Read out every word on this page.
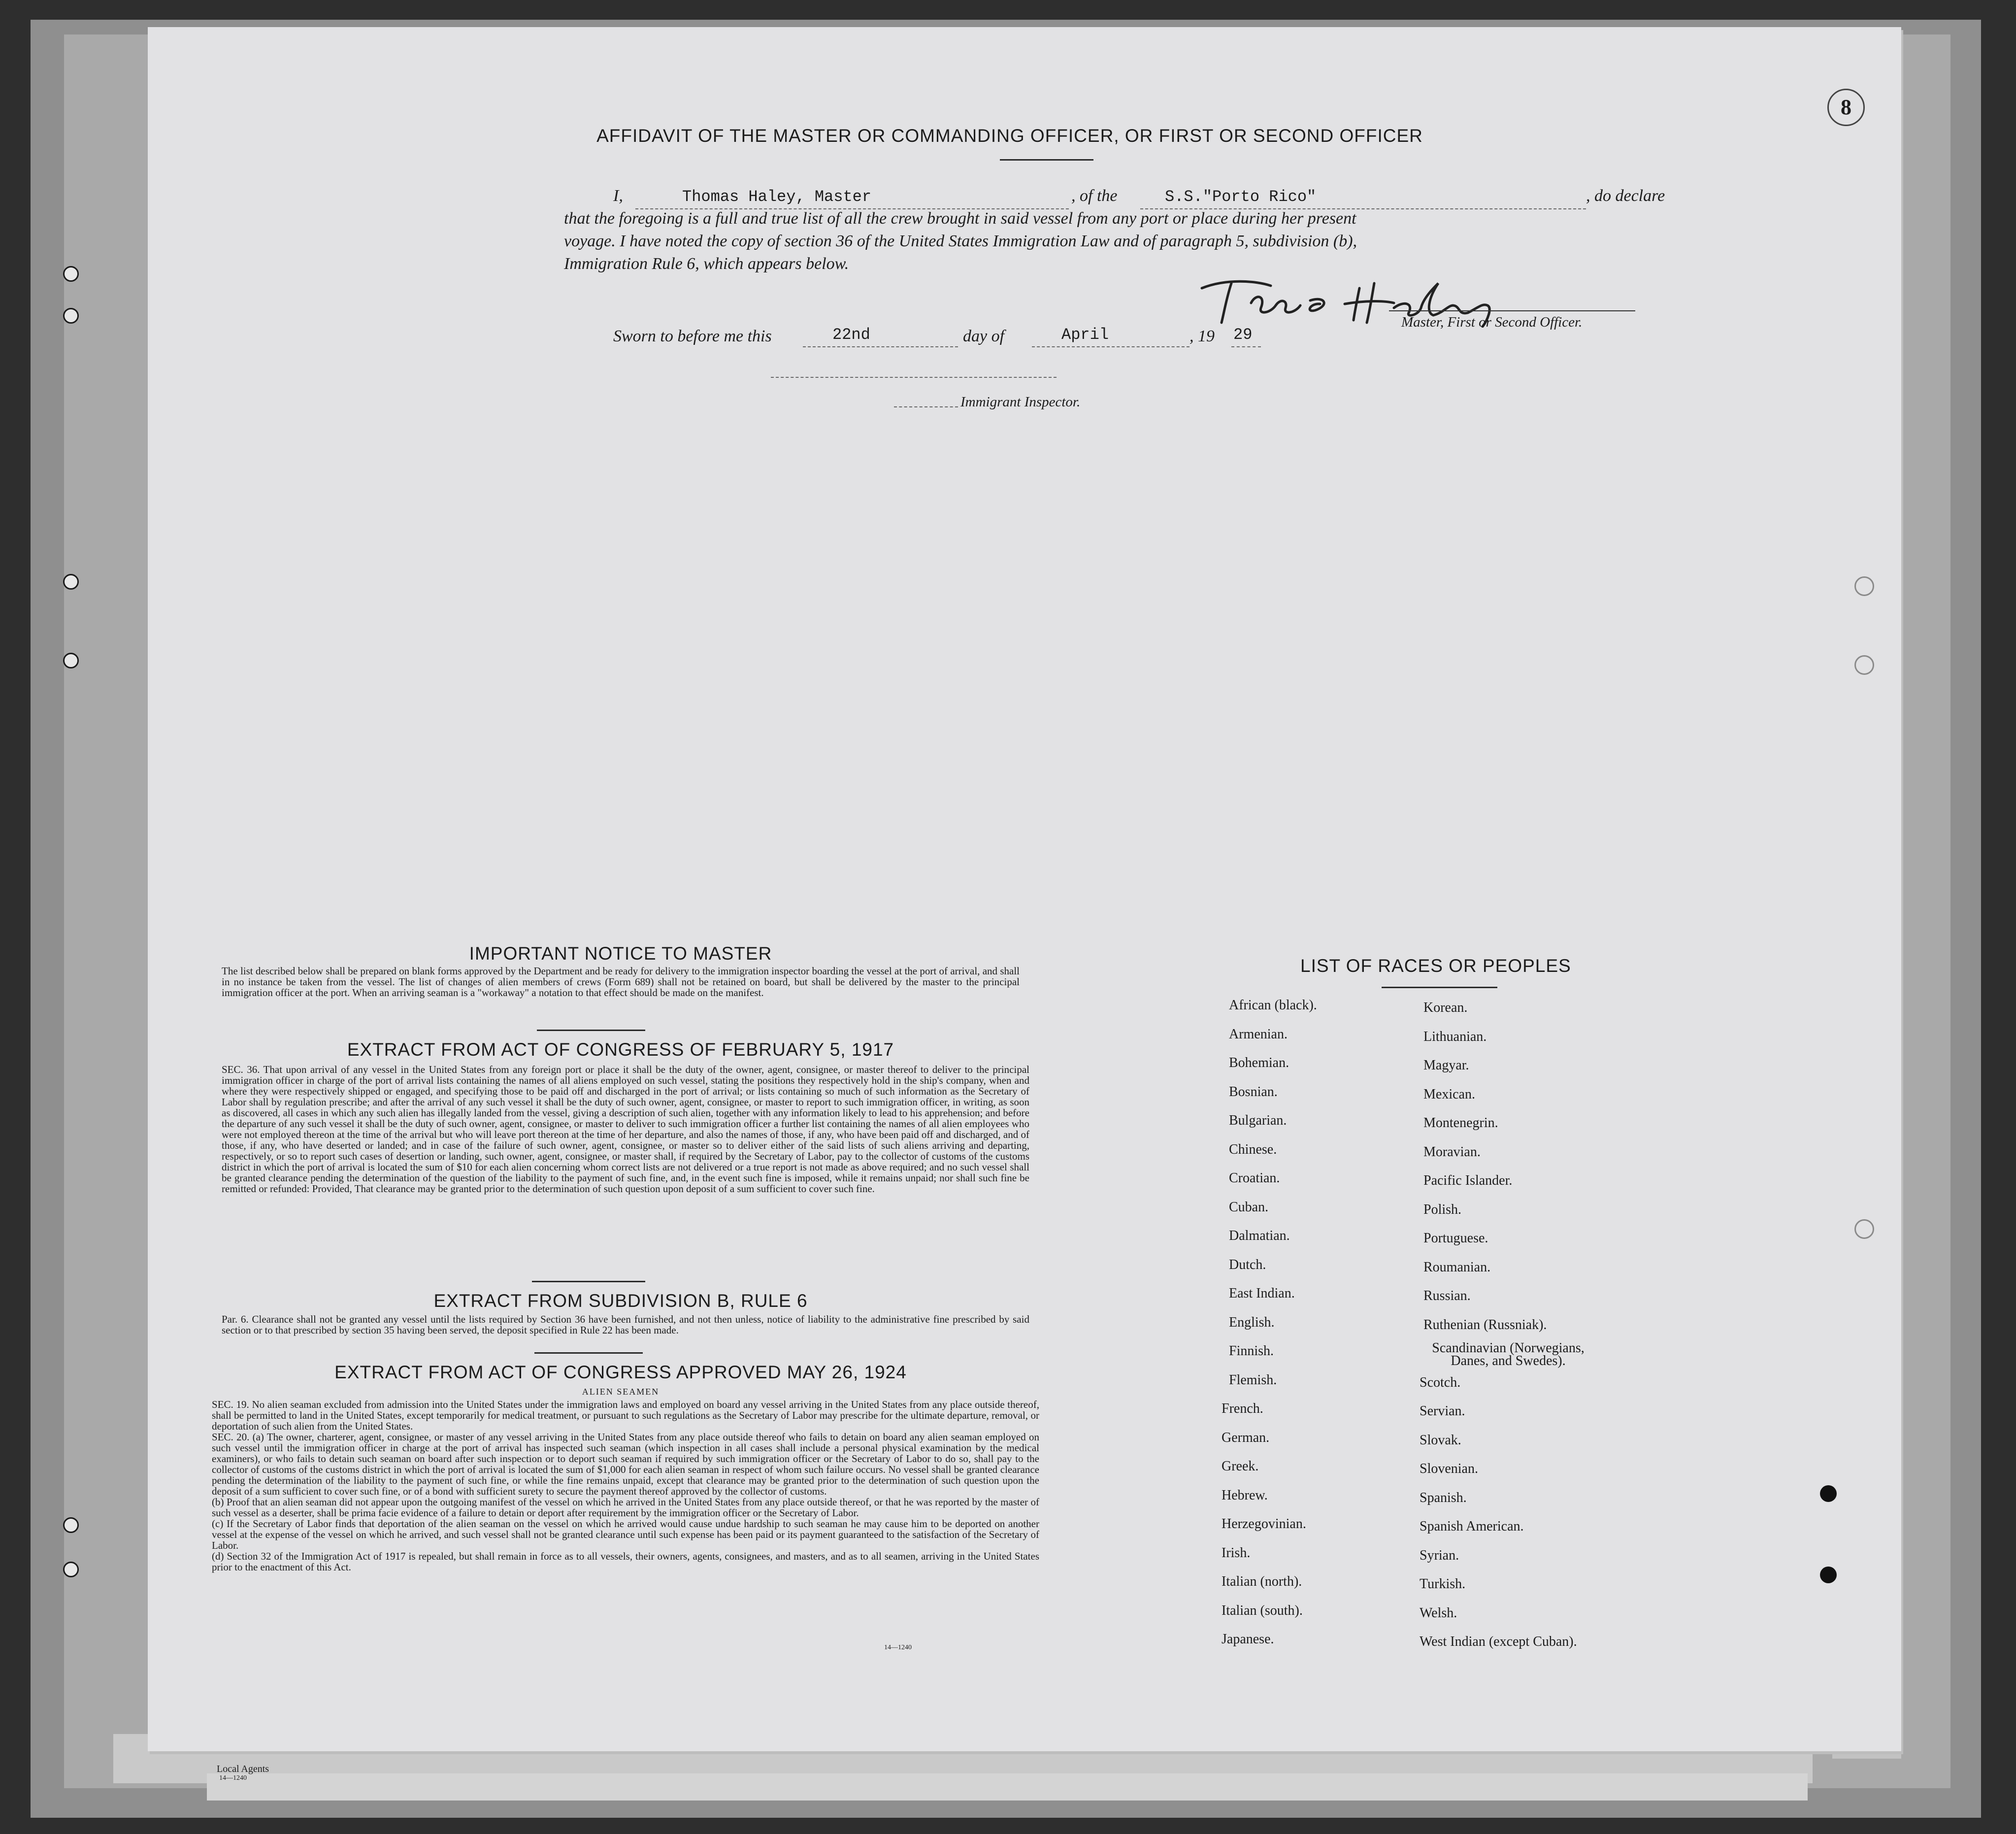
8
AFFIDAVIT OF THE MASTER OR COMMANDING OFFICER, OR FIRST OR SECOND OFFICER
I,	Thomas Haley, Master	, of the	S.S."Porto Rico"	, do declare
that the foregoing is a full and true list of all the crew brought in said vessel from any port or place during her present
voyage. I have noted the copy of section 36 of the United States Immigration Law and of paragraph 5, subdivision (b),
Immigration Rule 6, which appears below.
Master, First or Second Officer.
Sworn to before me this	22nd	day of	April	, 19 29
Immigrant Inspector.
IMPORTANT NOTICE TO MASTER
The list described below shall be prepared on blank forms approved by the Department and be ready for delivery to the immigration inspector boarding the vessel at the port of arrival, and shall in no instance be taken from the vessel. The list of changes of alien members of crews (Form 689) shall not be retained on board, but shall be delivered by the master to the principal immigration officer at the port. When an arriving seaman is a "workaway" a notation to that effect should be made on the manifest.
EXTRACT FROM ACT OF CONGRESS OF FEBRUARY 5, 1917
SEC. 36. That upon arrival of any vessel in the United States from any foreign port or place it shall be the duty of the owner, agent, consignee, or master thereof to deliver to the principal immigration officer in charge of the port of arrival lists containing the names of all aliens employed on such vessel, stating the positions they respectively hold in the ship's company, when and where they were respectively shipped or engaged, and specifying those to be paid off and discharged in the port of arrival; or lists containing so much of such information as the Secretary of Labor shall by regulation prescribe; and after the arrival of any such vessel it shall be the duty of such owner, agent, consignee, or master to report to such immigration officer, in writing, as soon as discovered, all cases in which any such alien has illegally landed from the vessel, giving a description of such alien, together with any information likely to lead to his apprehension; and before the departure of any such vessel it shall be the duty of such owner, agent, consignee, or master to deliver to such immigration officer a further list containing the names of all alien employees who were not employed thereon at the time of the arrival but who will leave port thereon at the time of her departure, and also the names of those, if any, who have been paid off and discharged, and of those, if any, who have deserted or landed; and in case of the failure of such owner, agent, consignee, or master so to deliver either of the said lists of such aliens arriving and departing, respectively, or so to report such cases of desertion or landing, such owner, agent, consignee, or master shall, if required by the Secretary of Labor, pay to the collector of customs of the customs district in which the port of arrival is located the sum of $10 for each alien concerning whom correct lists are not delivered or a true report is not made as above required; and no such vessel shall be granted clearance pending the determination of the question of the liability to the payment of such fine, and, in the event such fine is imposed, while it remains unpaid; nor shall such fine be remitted or refunded: Provided, That clearance may be granted prior to the determination of such question upon deposit of a sum sufficient to cover such fine.
EXTRACT FROM SUBDIVISION B, RULE 6
Par. 6. Clearance shall not be granted any vessel until the lists required by Section 36 have been furnished, and not then unless, notice of liability to the administrative fine prescribed by said section or to that prescribed by section 35 having been served, the deposit specified in Rule 22 has been made.
EXTRACT FROM ACT OF CONGRESS APPROVED MAY 26, 1924
ALIEN SEAMEN
SEC. 19. No alien seaman excluded from admission into the United States under the immigration laws and employed on board any vessel arriving in the United States from any place outside thereof, shall be permitted to land in the United States, except temporarily for medical treatment, or pursuant to such regulations as the Secretary of Labor may prescribe for the ultimate departure, removal, or deportation of such alien from the United States.
SEC. 20. (a) The owner, charterer, agent, consignee, or master of any vessel arriving in the United States from any place outside thereof who fails to detain on board any alien seaman employed on such vessel until the immigration officer in charge at the port of arrival has inspected such seaman (which inspection in all cases shall include a personal physical examination by the medical examiners), or who fails to detain such seaman on board after such inspection or to deport such seaman if required by such immigration officer or the Secretary of Labor to do so, shall pay to the collector of customs of the customs district in which the port of arrival is located the sum of $1,000 for each alien seaman in respect of whom such failure occurs. No vessel shall be granted clearance pending the determination of the liability to the payment of such fine, or while the fine remains unpaid, except that clearance may be granted prior to the determination of such question upon the deposit of a sum sufficient to cover such fine, or of a bond with sufficient surety to secure the payment thereof approved by the collector of customs.
(b) Proof that an alien seaman did not appear upon the outgoing manifest of the vessel on which he arrived in the United States from any place outside thereof, or that he was reported by the master of such vessel as a deserter, shall be prima facie evidence of a failure to detain or deport after requirement by the immigration officer or the Secretary of Labor.
(c) If the Secretary of Labor finds that deportation of the alien seaman on the vessel on which he arrived would cause undue hardship to such seaman he may cause him to be deported on another vessel at the expense of the vessel on which he arrived, and such vessel shall not be granted clearance until such expense has been paid or its payment guaranteed to the satisfaction of the Secretary of Labor.
(d) Section 32 of the Immigration Act of 1917 is repealed, but shall remain in force as to all vessels, their owners, agents, consignees, and masters, and as to all seamen, arriving in the United States prior to the enactment of this Act.
14—1240
LIST OF RACES OR PEOPLES
African (black).
Armenian.
Bohemian.
Bosnian.
Bulgarian.
Chinese.
Croatian.
Cuban.
Dalmatian.
Dutch.
East Indian.
English.
Finnish.
Flemish.
French.
German.
Greek.
Hebrew.
Herzegovinian.
Irish.
Italian (north).
Italian (south).
Japanese.
Korean.
Lithuanian.
Magyar.
Mexican.
Montenegrin.
Moravian.
Pacific Islander.
Polish.
Portuguese.
Roumanian.
Russian.
Ruthenian (Russniak).
Scandinavian (Norwegians, Danes, and Swedes).
Scotch.
Servian.
Slovak.
Slovenian.
Spanish.
Spanish American.
Syrian.
Turkish.
Welsh.
West Indian (except Cuban).
Local Agents
14—1240
